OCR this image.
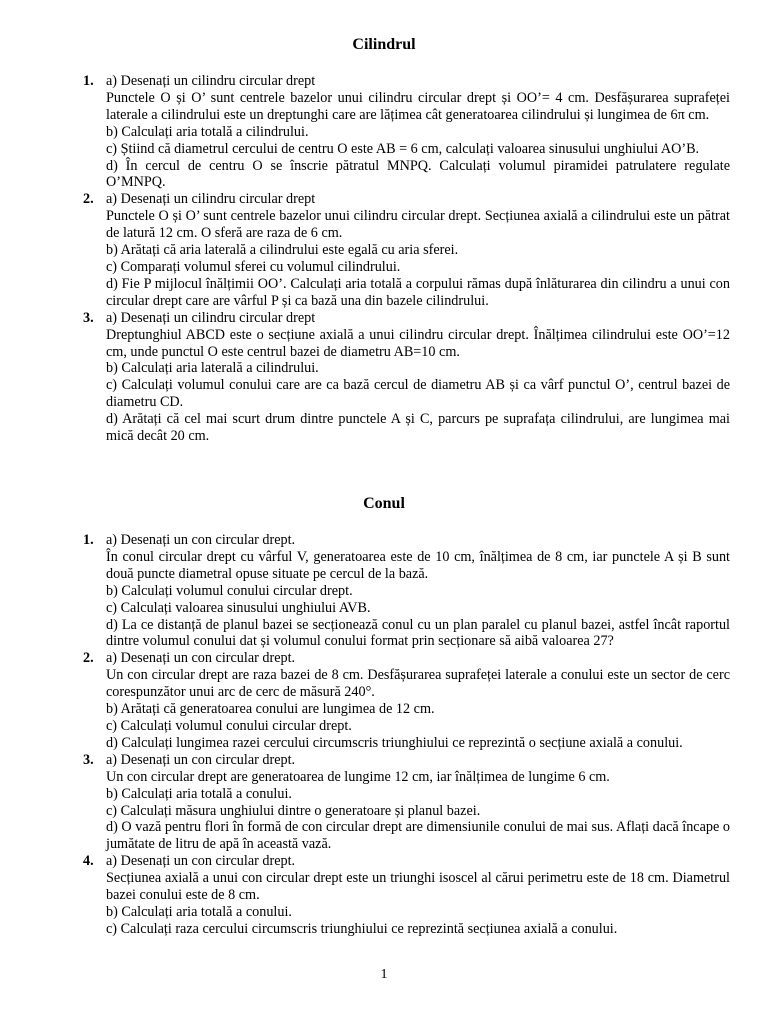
Cilindrul
1. a) Desenați un cilindru circular drept
Punctele O și O’ sunt centrele bazelor unui cilindru circular drept și OO’= 4 cm. Desfășurarea suprafeței laterale a cilindrului este un dreptunghi care are lățimea cât generatoarea cilindrului și lungimea de 6π cm.
b) Calculați aria totală a cilindrului.
c) Știind că diametrul cercului de centru O este AB = 6 cm, calculați valoarea sinusului unghiului AO’B.
d) În cercul de centru O se înscrie pătratul MNPQ. Calculați volumul piramidei patrulatere regulate O’MNPQ.
2. a) Desenați un cilindru circular drept
Punctele O și O’ sunt centrele bazelor unui cilindru circular drept. Secțiunea axială a cilindrului este un pătrat de latură 12 cm. O sferă are raza de 6 cm.
b) Arătați că aria laterală a cilindrului este egală cu aria sferei.
c) Comparați volumul sferei cu volumul cilindrului.
d) Fie P mijlocul înălțimii OO’. Calculați aria totală a corpului rămas după înlăturarea din cilindru a unui con circular drept care are vârful P și ca bază una din bazele cilindrului.
3. a) Desenați un cilindru circular drept
Dreptunghiul ABCD este o secțiune axială a unui cilindru circular drept. Înălțimea cilindrului este OO’=12 cm, unde punctul O este centrul bazei de diametru AB=10 cm.
b) Calculați aria laterală a cilindrului.
c) Calculați volumul conului care are ca bază cercul de diametru AB și ca vârf punctul O’, centrul bazei de diametru CD.
d) Arătați că cel mai scurt drum dintre punctele A și C, parcurs pe suprafața cilindrului, are lungimea mai mică decât 20 cm.
Conul
1. a) Desenați un con circular drept.
În conul circular drept cu vârful V, generatoarea este de 10 cm, înălțimea de 8 cm, iar punctele A și B sunt două puncte diametral opuse situate pe cercul de la bază.
b) Calculați volumul conului circular drept.
c) Calculați valoarea sinusului unghiului AVB.
d) La ce distanță de planul bazei se secționează conul cu un plan paralel cu planul bazei, astfel încât raportul dintre volumul conului dat și volumul conului format prin secționare să aibă valoarea 27?
2. a) Desenați un con circular drept.
Un con circular drept are raza bazei de 8 cm. Desfășurarea suprafeței laterale a conului este un sector de cerc corespunzător unui arc de cerc de măsură 240°.
b) Arătați că generatoarea conului are lungimea de 12 cm.
c) Calculați volumul conului circular drept.
d) Calculați lungimea razei cercului circumscris triunghiului ce reprezintă o secțiune axială a conului.
3. a) Desenați un con circular drept.
Un con circular drept are generatoarea de lungime 12 cm, iar înălțimea de lungime 6 cm.
b) Calculați aria totală a conului.
c) Calculați măsura unghiului dintre o generatoare și planul bazei.
d) O vază pentru flori în formă de con circular drept are dimensiunile conului de mai sus. Aflați dacă încape o jumătate de litru de apă în această vază.
4. a) Desenați un con circular drept.
Secțiunea axială a unui con circular drept este un triunghi isoscel al cărui perimetru este de 18 cm. Diametrul bazei conului este de 8 cm.
b) Calculați aria totală a conului.
c) Calculați raza cercului circumscris triunghiului ce reprezintă secțiunea axială a conului.
1
